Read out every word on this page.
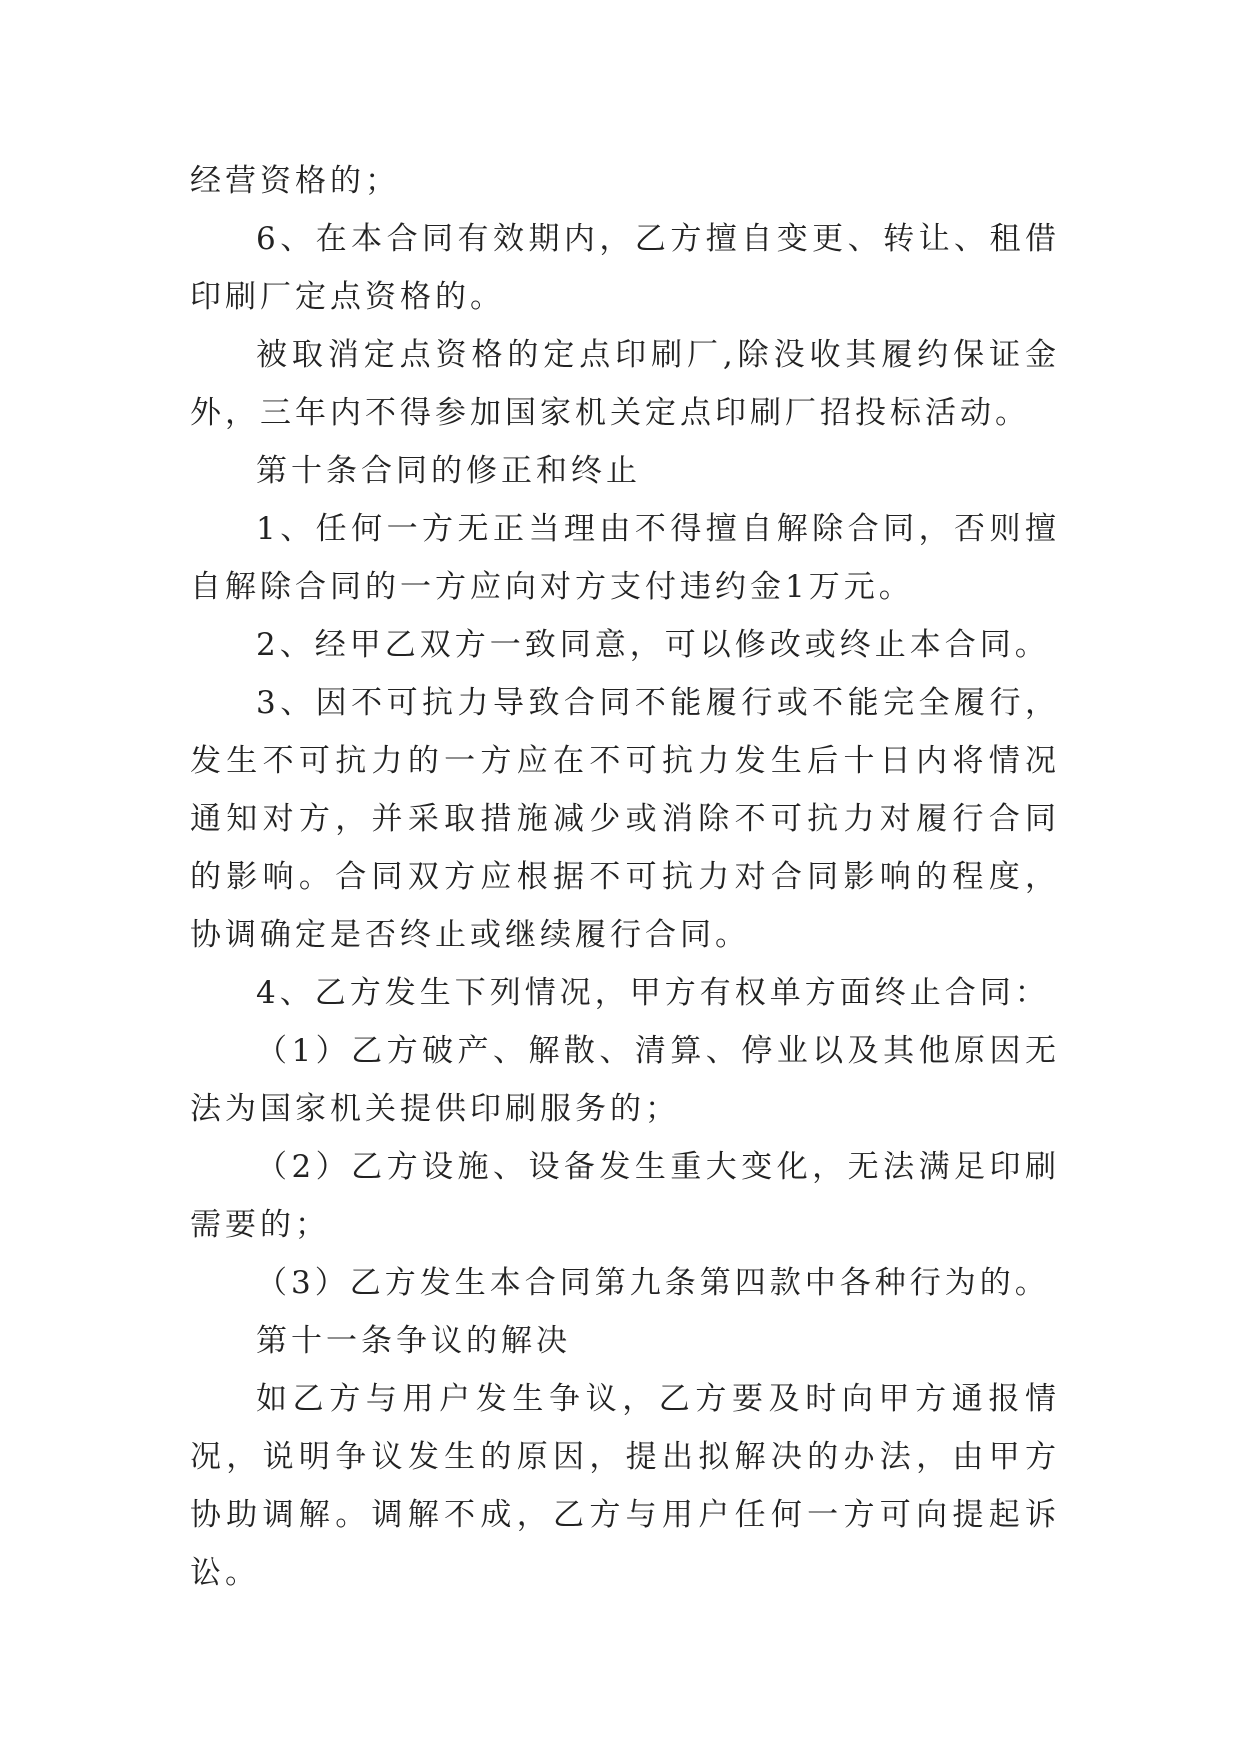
经营资格的；

6、在本合同有效期内，乙方擅自变更、转让、租借印刷厂定点资格的。

被取消定点资格的定点印刷厂,除没收其履约保证金外，三年内不得参加国家机关定点印刷厂招投标活动。

第十条合同的修正和终止

1、任何一方无正当理由不得擅自解除合同，否则擅自解除合同的一方应向对方支付违约金1万元。

2、经甲乙双方一致同意，可以修改或终止本合同。

3、因不可抗力导致合同不能履行或不能完全履行，发生不可抗力的一方应在不可抗力发生后十日内将情况通知对方，并采取措施减少或消除不可抗力对履行合同的影响。合同双方应根据不可抗力对合同影响的程度，协调确定是否终止或继续履行合同。

4、乙方发生下列情况，甲方有权单方面终止合同：

（1）乙方破产、解散、清算、停业以及其他原因无法为国家机关提供印刷服务的；

（2）乙方设施、设备发生重大变化，无法满足印刷需要的；

（3）乙方发生本合同第九条第四款中各种行为的。

第十一条争议的解决

如乙方与用户发生争议，乙方要及时向甲方通报情况，说明争议发生的原因，提出拟解决的办法，由甲方协助调解。调解不成，乙方与用户任何一方可向提起诉讼。
